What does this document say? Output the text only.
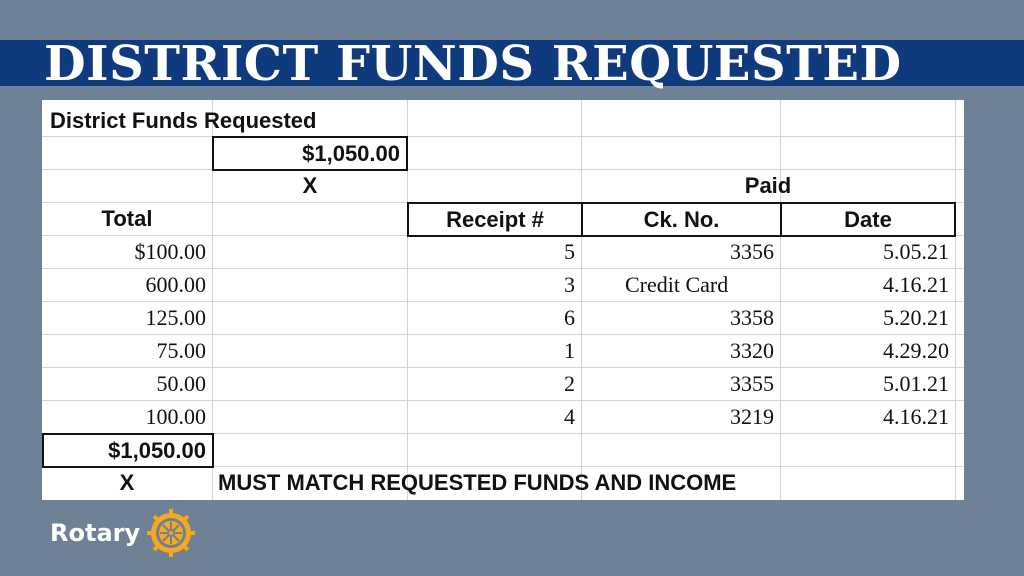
DISTRICT FUNDS REQUESTED
District Funds Requested
$1,050.00
X	Paid
Total	Receipt #	Ck. No.	Date
$100.00	5	3356	5.05.21
600.00	3	Credit Card	4.16.21
125.00	6	3358	5.20.21
75.00	1	3320	4.29.20
50.00	2	3355	5.01.21
100.00	4	3219	4.16.21
$1,050.00
X	MUST MATCH REQUESTED FUNDS AND INCOME
Rotary
